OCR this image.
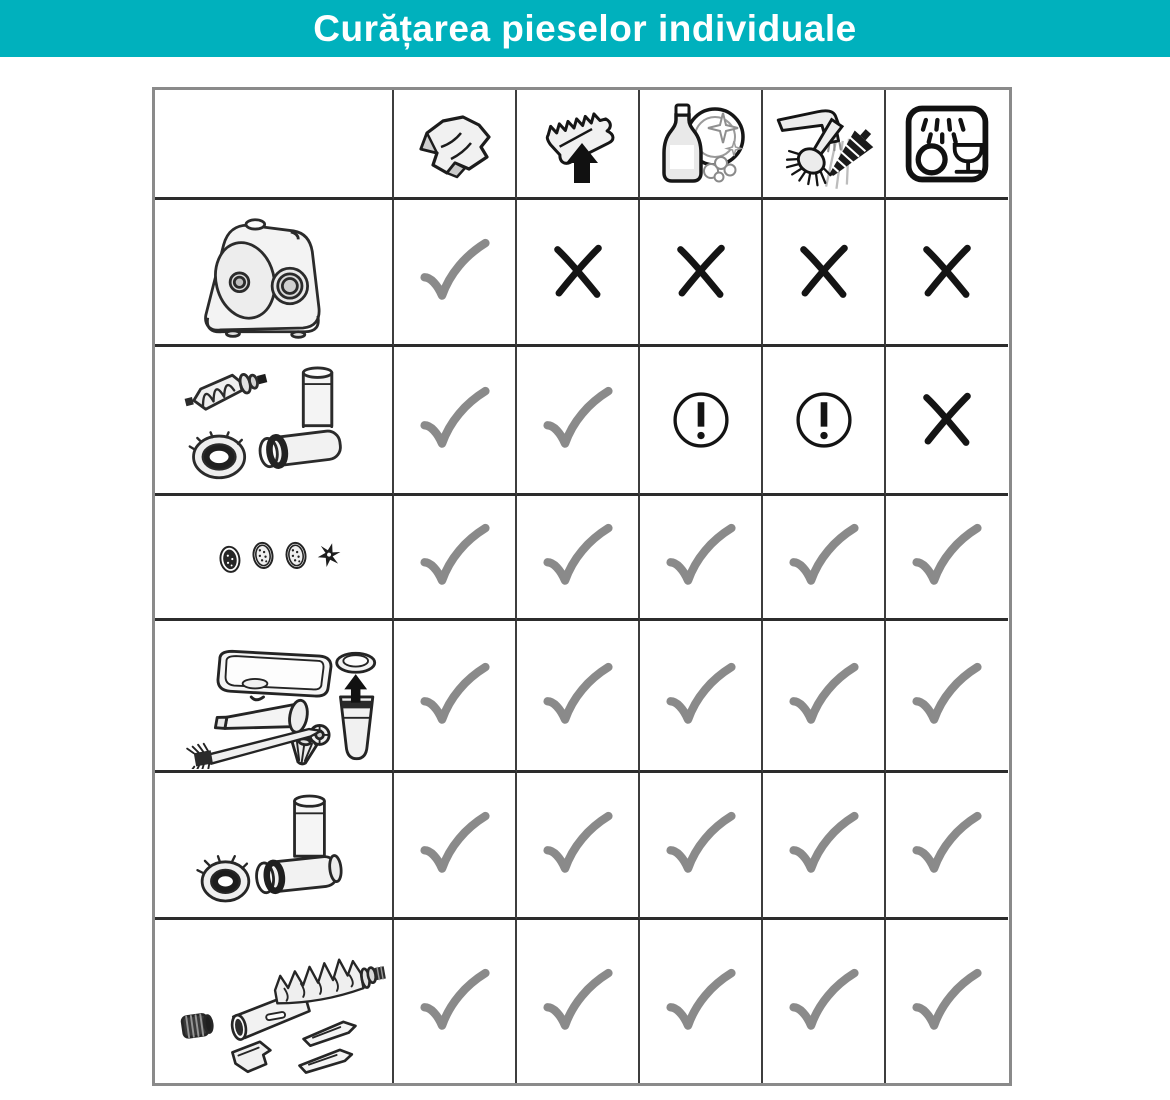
Curățarea pieselor individuale
